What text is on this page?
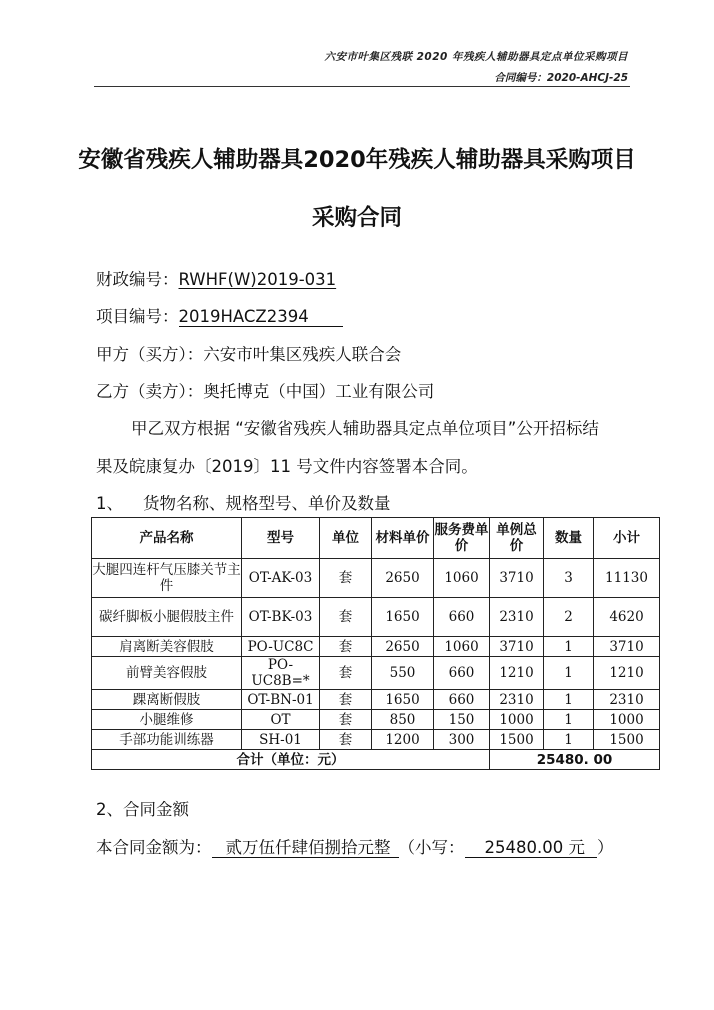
六安市叶集区残联 2020 年残疾人辅助器具定点单位采购项目
合同编号：2020-AHCJ-25
安徽省残疾人辅助器具2020年残疾人辅助器具采购项目
采购合同
财政编号：RWHF(W)2019-031
项目编号：2019HACZ2394
甲方（买方）：六安市叶集区残疾人联合会
乙方（卖方）：奥托博克（中国）工业有限公司
甲乙双方根据 “安徽省残疾人辅助器具定点单位项目”公开招标结
果及皖康复办〔2019〕11 号文件内容签署本合同。
1、 货物名称、规格型号、单价及数量
产品名称	型号	单位	材料单价	服务费单价	单例总价	数量	小计
大腿四连杆气压膝关节主件	OT-AK-03	套	2650	1060	3710	3	11130
碳纤脚板小腿假肢主件	OT-BK-03	套	1650	660	2310	2	4620
肩离断美容假肢	PO-UC8C	套	2650	1060	3710	1	3710
前臂美容假肢	PO-UC8B=*	套	550	660	1210	1	1210
踝离断假肢	OT-BN-01	套	1650	660	2310	1	2310
小腿维修	OT	套	850	150	1000	1	1000
手部功能训练器	SH-01	套	1200	300	1500	1	1500
合计（单位：元）					25480. 00		
2、合同金额
本合同金额为： 贰万伍仟肆佰捌拾元整 （小写： 25480.00 元 ）
